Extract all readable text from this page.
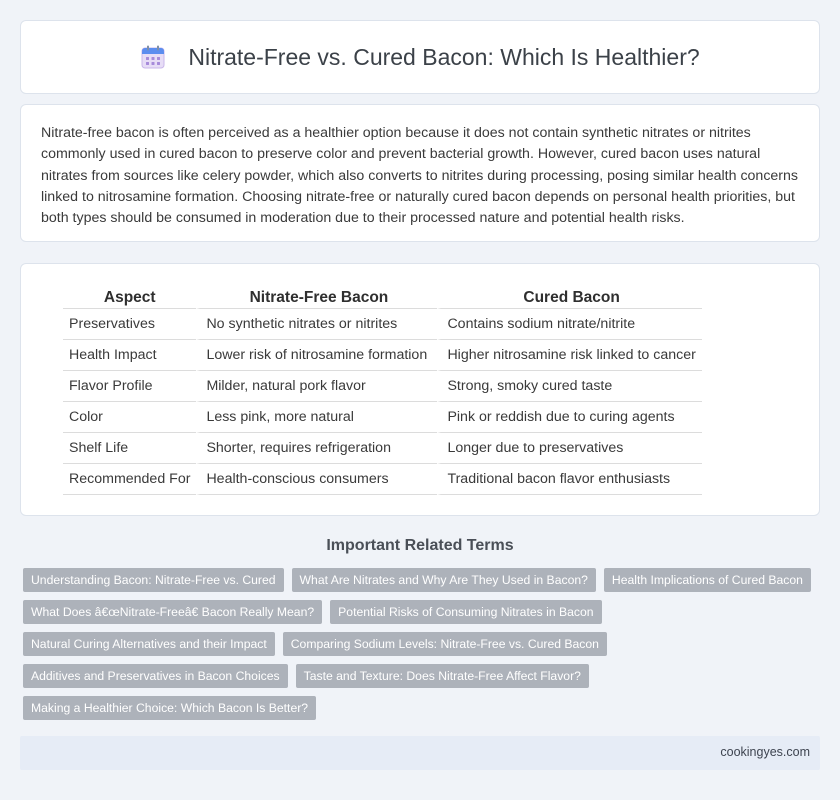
Nitrate-Free vs. Cured Bacon: Which Is Healthier?

Nitrate-free bacon is often perceived as a healthier option because it does not contain synthetic nitrates or nitrites commonly used in cured bacon to preserve color and prevent bacterial growth. However, cured bacon uses natural nitrates from sources like celery powder, which also converts to nitrites during processing, posing similar health concerns linked to nitrosamine formation. Choosing nitrate-free or naturally cured bacon depends on personal health priorities, but both types should be consumed in moderation due to their processed nature and potential health risks.

Aspect	Nitrate-Free Bacon	Cured Bacon
Preservatives	No synthetic nitrates or nitrites	Contains sodium nitrate/nitrite
Health Impact	Lower risk of nitrosamine formation	Higher nitrosamine risk linked to cancer
Flavor Profile	Milder, natural pork flavor	Strong, smoky cured taste
Color	Less pink, more natural	Pink or reddish due to curing agents
Shelf Life	Shorter, requires refrigeration	Longer due to preservatives
Recommended For	Health-conscious consumers	Traditional bacon flavor enthusiasts
Important Related Terms
Understanding Bacon: Nitrate-Free vs. Cured	What Are Nitrates and Why Are They Used in Bacon?	Health Implications of Cured Bacon
What Does â€œNitrate-Freeâ€ Bacon Really Mean?	Potential Risks of Consuming Nitrates in Bacon
Natural Curing Alternatives and their Impact	Comparing Sodium Levels: Nitrate-Free vs. Cured Bacon
Additives and Preservatives in Bacon Choices	Taste and Texture: Does Nitrate-Free Affect Flavor?
Making a Healthier Choice: Which Bacon Is Better?
cookingyes.com
